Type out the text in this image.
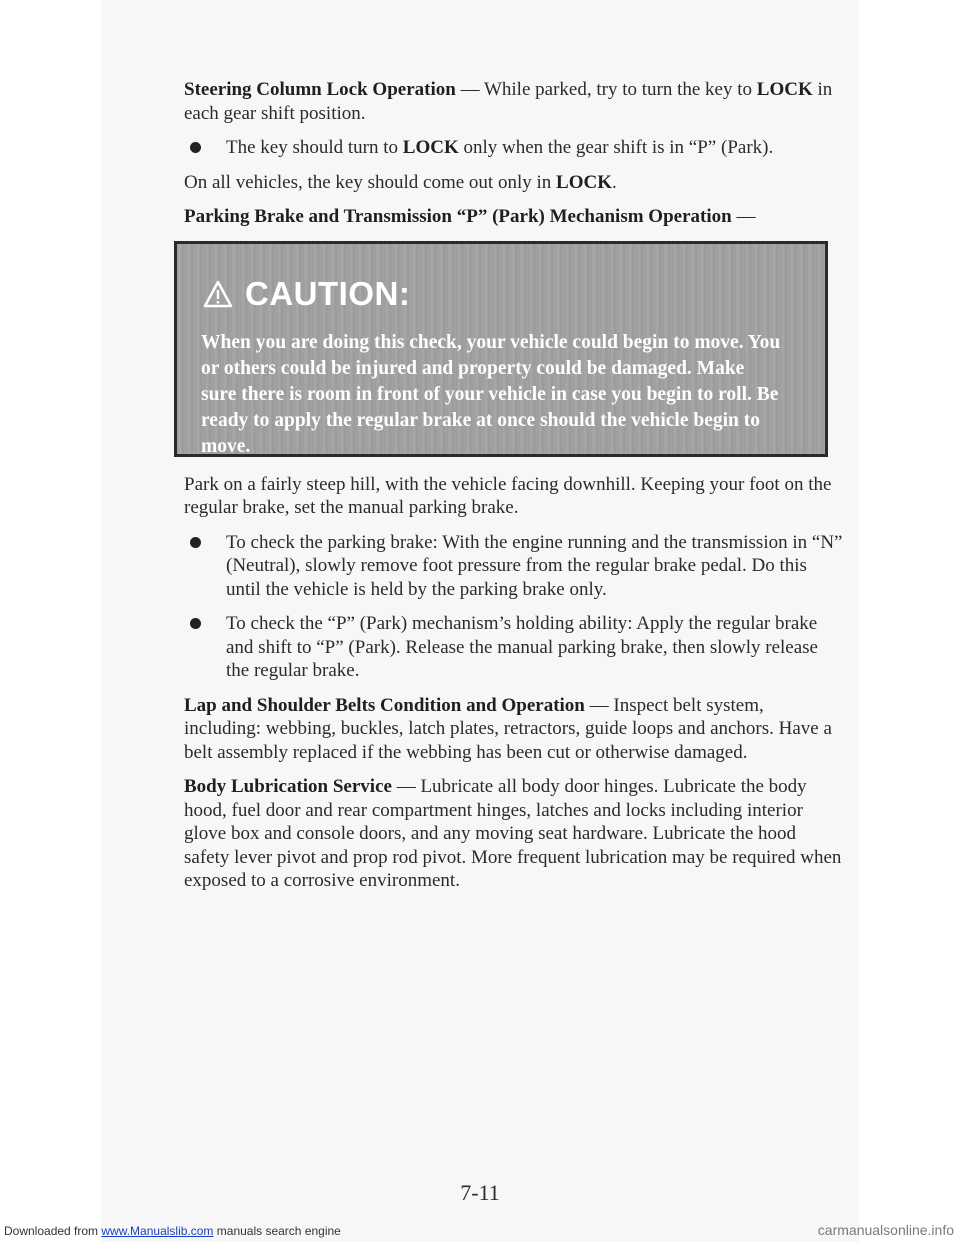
Steering Column Lock Operation — While parked, try to turn the key to LOCK in each gear shift position.

The key should turn to LOCK only when the gear shift is in “P” (Park).

On all vehicles, the key should come out only in LOCK.

Parking Brake and Transmission “P” (Park) Mechanism Operation —

CAUTION:
When you are doing this check, your vehicle could begin to move. You or others could be injured and property could be damaged. Make sure there is room in front of your vehicle in case you begin to roll. Be ready to apply the regular brake at once should the vehicle begin to move.

Park on a fairly steep hill, with the vehicle facing downhill. Keeping your foot on the regular brake, set the manual parking brake.

To check the parking brake: With the engine running and the transmission in “N” (Neutral), slowly remove foot pressure from the regular brake pedal. Do this until the vehicle is held by the parking brake only.
To check the “P” (Park) mechanism’s holding ability: Apply the regular brake and shift to “P” (Park). Release the manual parking brake, then slowly release the regular brake.

Lap and Shoulder Belts Condition and Operation — Inspect belt system, including: webbing, buckles, latch plates, retractors, guide loops and anchors. Have a belt assembly replaced if the webbing has been cut or otherwise damaged.

Body Lubrication Service — Lubricate all body door hinges. Lubricate the body hood, fuel door and rear compartment hinges, latches and locks including interior glove box and console doors, and any moving seat hardware. Lubricate the hood safety lever pivot and prop rod pivot. More frequent lubrication may be required when exposed to a corrosive environment.

7-11
Downloaded from www.Manualslib.com manuals search engine	carmanualsonline.info
